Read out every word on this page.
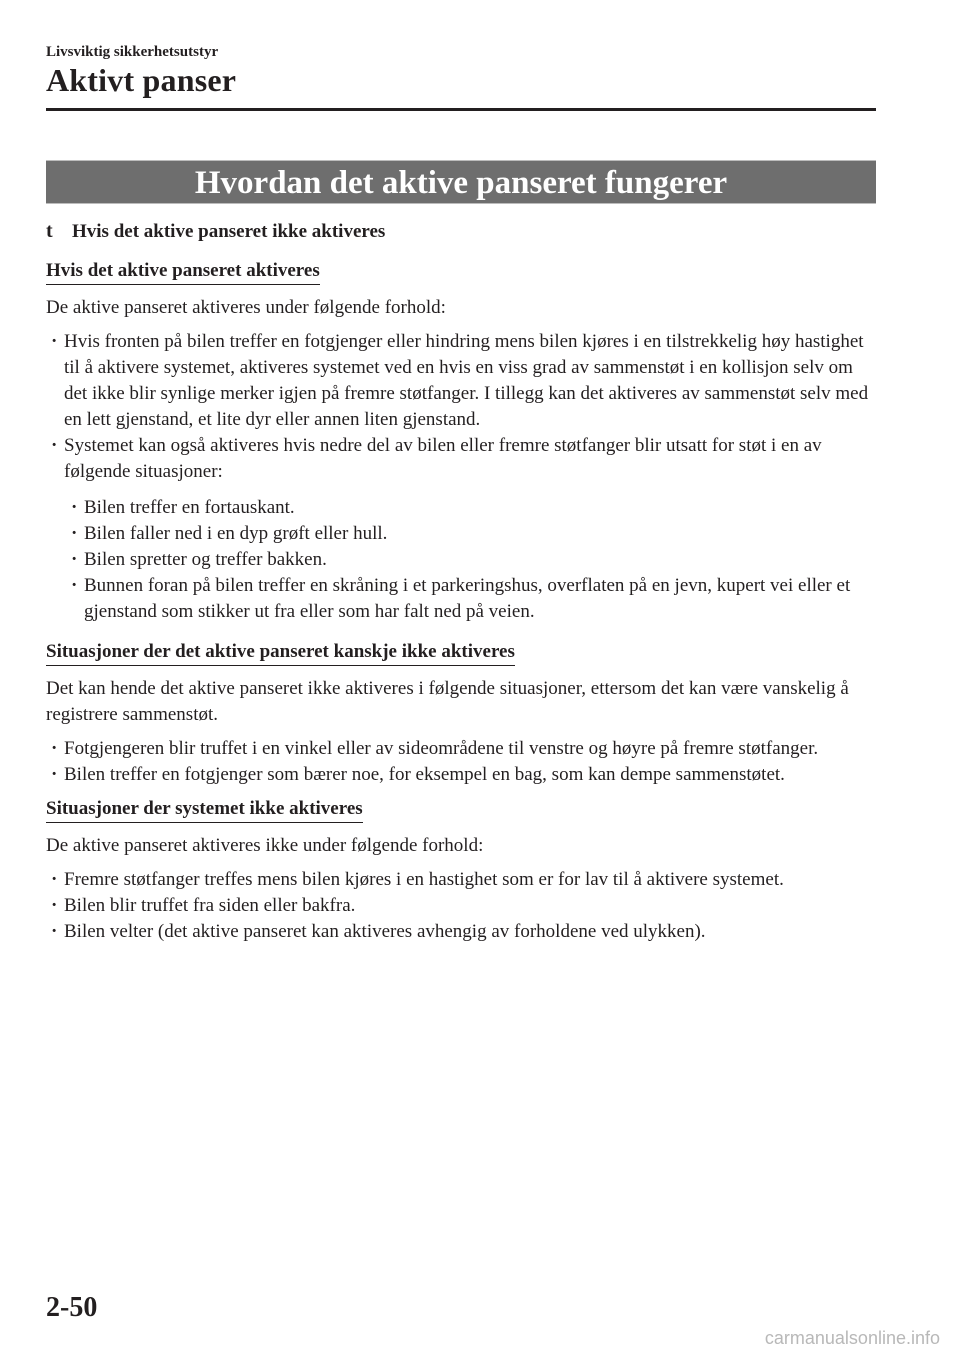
Livsviktig sikkerhetsutstyr
Aktivt panser
Hvordan det aktive panseret fungerer
t Hvis det aktive panseret ikke aktiveres
Hvis det aktive panseret aktiveres

De aktive panseret aktiveres under følgende forhold:

· Hvis fronten på bilen treffer en fotgjenger eller hindring mens bilen kjøres i en tilstrekkelig høy hastighet til å aktivere systemet, aktiveres systemet ved en hvis en viss grad av sammenstøt i en kollisjon selv om det ikke blir synlige merker igjen på fremre støtfanger. I tillegg kan det aktiveres av sammenstøt selv med en lett gjenstand, et lite dyr eller annen liten gjenstand.
· Systemet kan også aktiveres hvis nedre del av bilen eller fremre støtfanger blir utsatt for støt i en av følgende situasjoner:
· Bilen treffer en fortauskant.
· Bilen faller ned i en dyp grøft eller hull.
· Bilen spretter og treffer bakken.
· Bunnen foran på bilen treffer en skråning i et parkeringshus, overflaten på en jevn, kupert vei eller et gjenstand som stikker ut fra eller som har falt ned på veien.
Situasjoner der det aktive panseret kanskje ikke aktiveres

Det kan hende det aktive panseret ikke aktiveres i følgende situasjoner, ettersom det kan være vanskelig å registrere sammenstøt.

· Fotgjengeren blir truffet i en vinkel eller av sideområdene til venstre og høyre på fremre støtfanger.
· Bilen treffer en fotgjenger som bærer noe, for eksempel en bag, som kan dempe sammenstøtet.
Situasjoner der systemet ikke aktiveres

De aktive panseret aktiveres ikke under følgende forhold:

· Fremre støtfanger treffes mens bilen kjøres i en hastighet som er for lav til å aktivere systemet.
· Bilen blir truffet fra siden eller bakfra.
· Bilen velter (det aktive panseret kan aktiveres avhengig av forholdene ved ulykken).
2-50
carmanualsonline.info
